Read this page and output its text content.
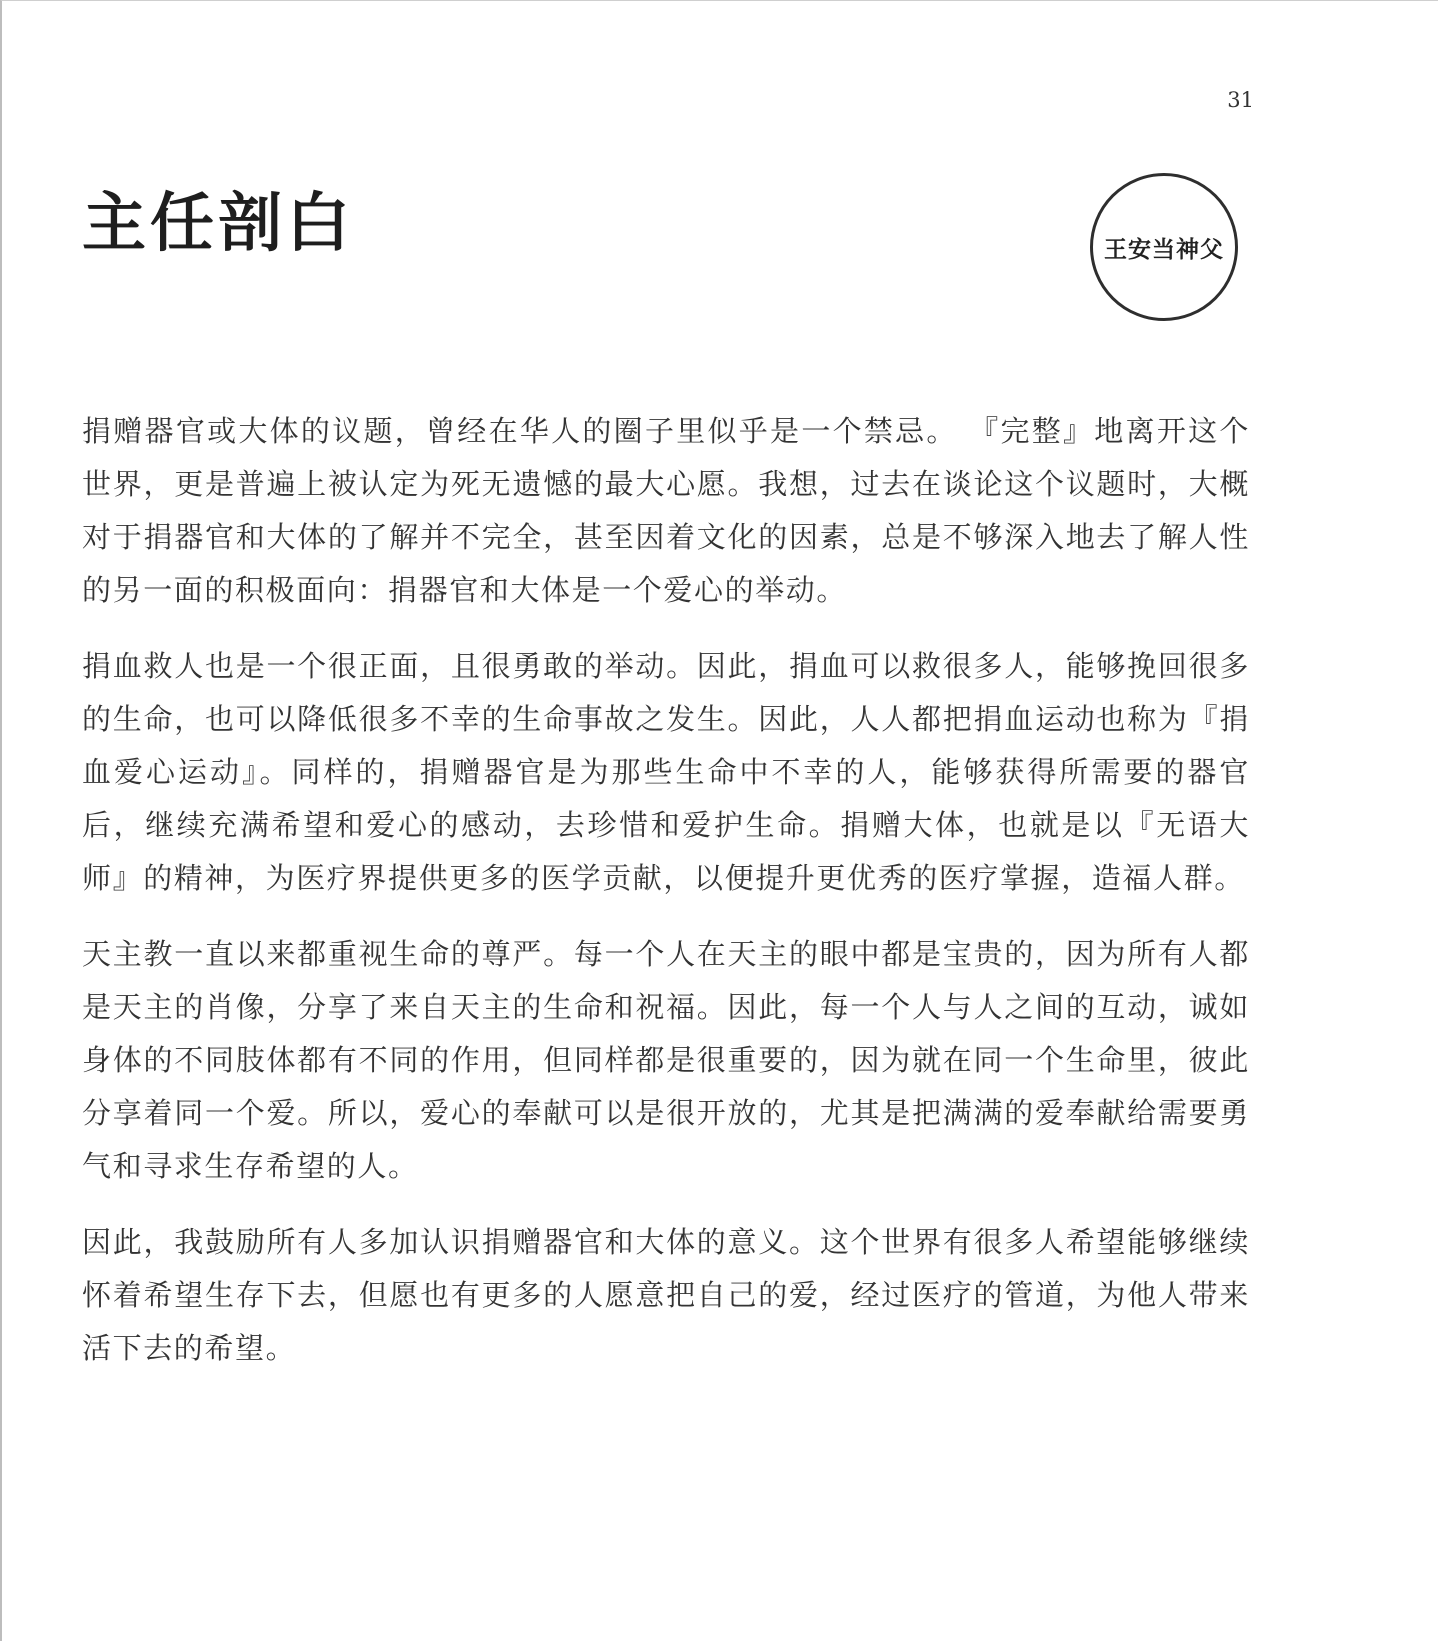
31
主任剖白	王安当神父

捐赠器官或大体的议题，曾经在华人的圈子里似乎是一个禁忌。 『完整』地离开这个世界，更是普遍上被认定为死无遗憾的最大心愿。我想，过去在谈论这个议题时，大概对于捐器官和大体的了解并不完全，甚至因着文化的因素，总是不够深入地去了解人性的另一面的积极面向：捐器官和大体是一个爱心的举动。

捐血救人也是一个很正面，且很勇敢的举动。因此，捐血可以救很多人，能够挽回很多的生命，也可以降低很多不幸的生命事故之发生。因此，人人都把捐血运动也称为『捐血爱心运动』。同样的，捐赠器官是为那些生命中不幸的人，能够获得所需要的器官后，继续充满希望和爱心的感动，去珍惜和爱护生命。捐赠大体，也就是以『无语大师』的精神，为医疗界提供更多的医学贡献，以便提升更优秀的医疗掌握，造福人群。

天主教一直以来都重视生命的尊严。每一个人在天主的眼中都是宝贵的，因为所有人都是天主的肖像，分享了来自天主的生命和祝福。因此，每一个人与人之间的互动，诚如身体的不同肢体都有不同的作用，但同样都是很重要的，因为就在同一个生命里，彼此分享着同一个爱。所以，爱心的奉献可以是很开放的，尤其是把满满的爱奉献给需要勇气和寻求生存希望的人。

因此，我鼓励所有人多加认识捐赠器官和大体的意义。这个世界有很多人希望能够继续怀着希望生存下去，但愿也有更多的人愿意把自己的爱，经过医疗的管道，为他人带来活下去的希望。
